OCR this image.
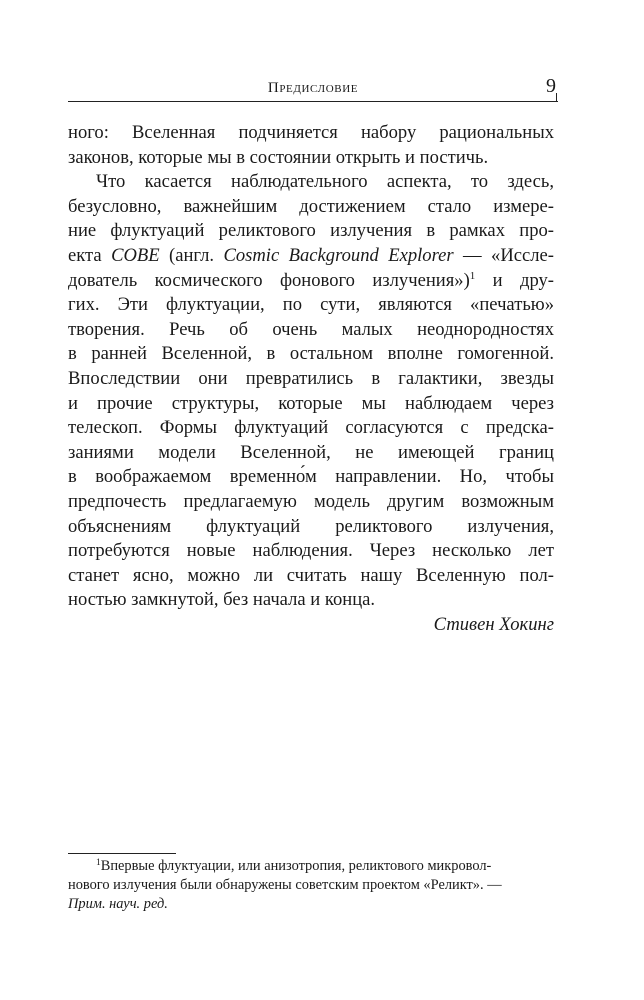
Предисловие	9
ного: Вселенная подчиняется набору рациональных
законов, которые мы в состоянии открыть и постичь.
Что касается наблюдательного аспекта, то здесь,
безусловно, важнейшим достижением стало измере-
ние флуктуаций реликтового излучения в рамках про-
екта COBE (англ. Cosmic Background Explorer — «Иссле-
дователь космического фонового излучения»)$^1$ и дру-
гих. Эти флуктуации, по сути, являются «печатью»
творения. Речь об очень малых неоднородностях
в ранней Вселенной, в остальном вполне гомогенной.
Впоследствии они превратились в галактики, звезды
и прочие структуры, которые мы наблюдаем через
телескоп. Формы флуктуаций согласуются с предска-
заниями модели Вселенной, не имеющей границ
в воображаемом временно́м направлении. Но, чтобы
предпочесть предлагаемую модель другим возможным
объяснениям флуктуаций реликтового излучения,
потребуются новые наблюдения. Через несколько лет
станет ясно, можно ли считать нашу Вселенную пол-
ностью замкнутой, без начала и конца.
Стивен Хокинг
$^1$Впервые флуктуации, или анизотропия, реликтового микровол-
нового излучения были обнаружены советским проектом «Реликт». —
Прим. науч. ред.
